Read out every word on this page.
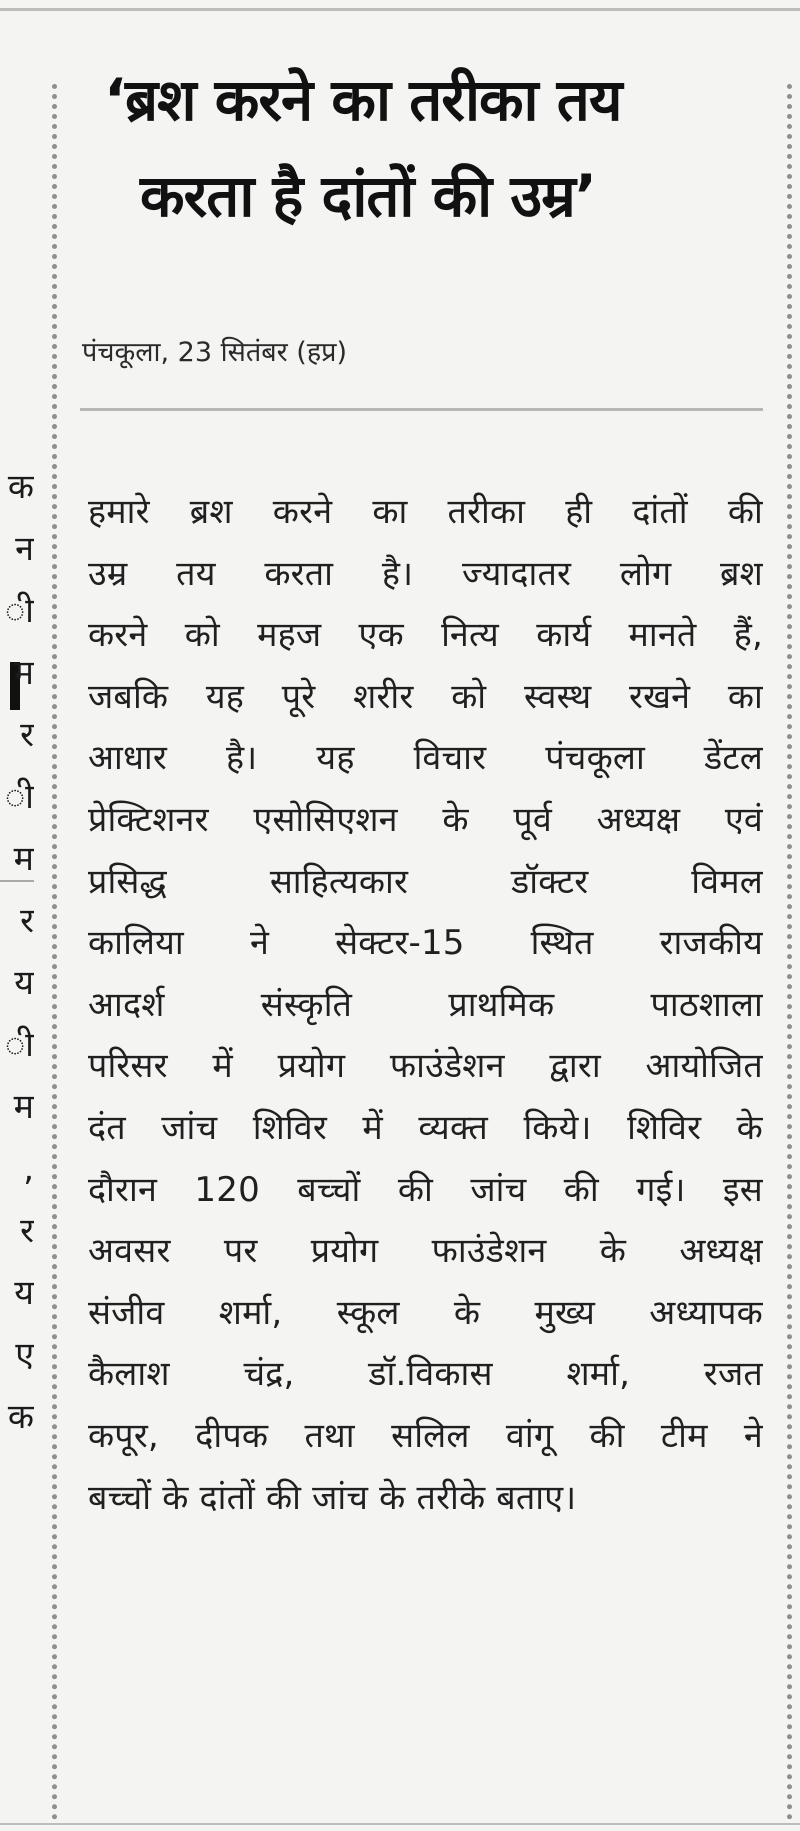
क
न
ी
म
र
ी
म
र
य
ी
म
,
र
य
ए
क
‘ब्रश करने का तरीका तय
करता है दांतों की उम्र’
पंचकूला, 23 सितंबर (हप्र)
हमारे ब्रश करने का तरीका ही दांतों की
उम्र तय करता है। ज्यादातर लोग ब्रश
करने को महज एक नित्य कार्य मानते हैं,
जबकि यह पूरे शरीर को स्वस्थ रखने का
आधार है। यह विचार पंचकूला डेंटल
प्रेक्टिशनर एसोसिएशन के पूर्व अध्यक्ष एवं
प्रसिद्ध साहित्यकार डॉक्टर विमल
कालिया ने सेक्टर-15 स्थित राजकीय
आदर्श संस्कृति प्राथमिक पाठशाला
परिसर में प्रयोग फाउंडेशन द्वारा आयोजित
दंत जांच शिविर में व्यक्त किये। शिविर के
दौरान 120 बच्चों की जांच की गई। इस
अवसर पर प्रयोग फाउंडेशन के अध्यक्ष
संजीव शर्मा, स्कूल के मुख्य अध्यापक
कैलाश चंद्र, डॉ.विकास शर्मा, रजत
कपूर, दीपक तथा सलिल वांगू की टीम ने
बच्चों के दांतों की जांच के तरीके बताए।
